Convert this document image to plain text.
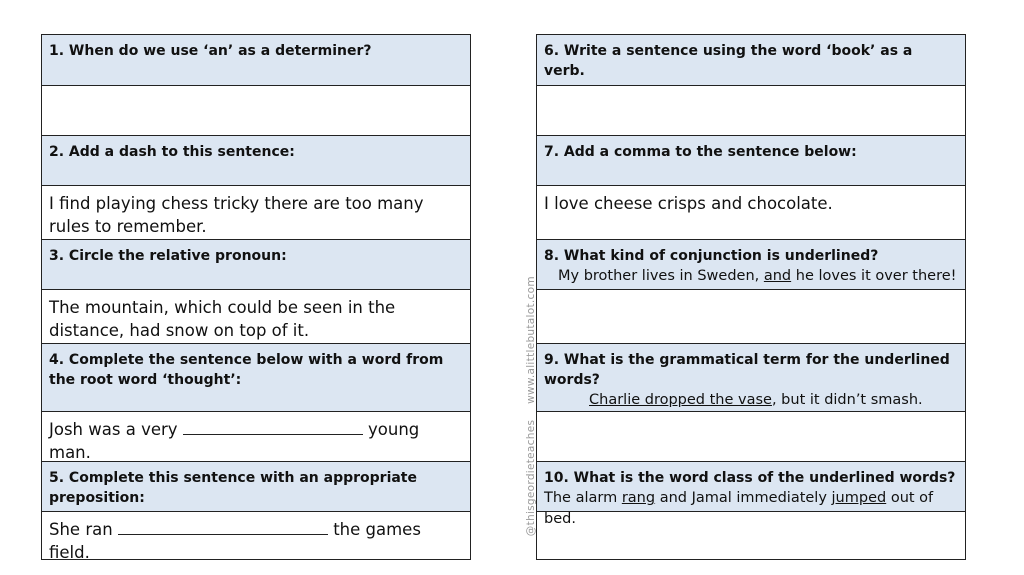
1. When do we use ‘an’ as a determiner?
2. Add a dash to this sentence:
I find playing chess tricky there are too many rules to remember.
3. Circle the relative pronoun:
The mountain, which could be seen in the distance, had snow on top of it.
4. Complete the sentence below with a word from the root word ‘thought’:
Josh was a very	young man.
5. Complete this sentence with an appropriate preposition:
She ran	the games field.
6. Write a sentence using the word ‘book’ as a verb.
7. Add a comma to the sentence below:
I love cheese crisps and chocolate.
8. What kind of conjunction is underlined?
My brother lives in Sweden, and he loves it over there!
9. What is the grammatical term for the underlined words?
Charlie dropped the vase, but it didn’t smash.
10. What is the word class of the underlined words?
The alarm rang and Jamal immediately jumped out of bed.
www.alittlebutalot.com
@thisgeordieteaches
